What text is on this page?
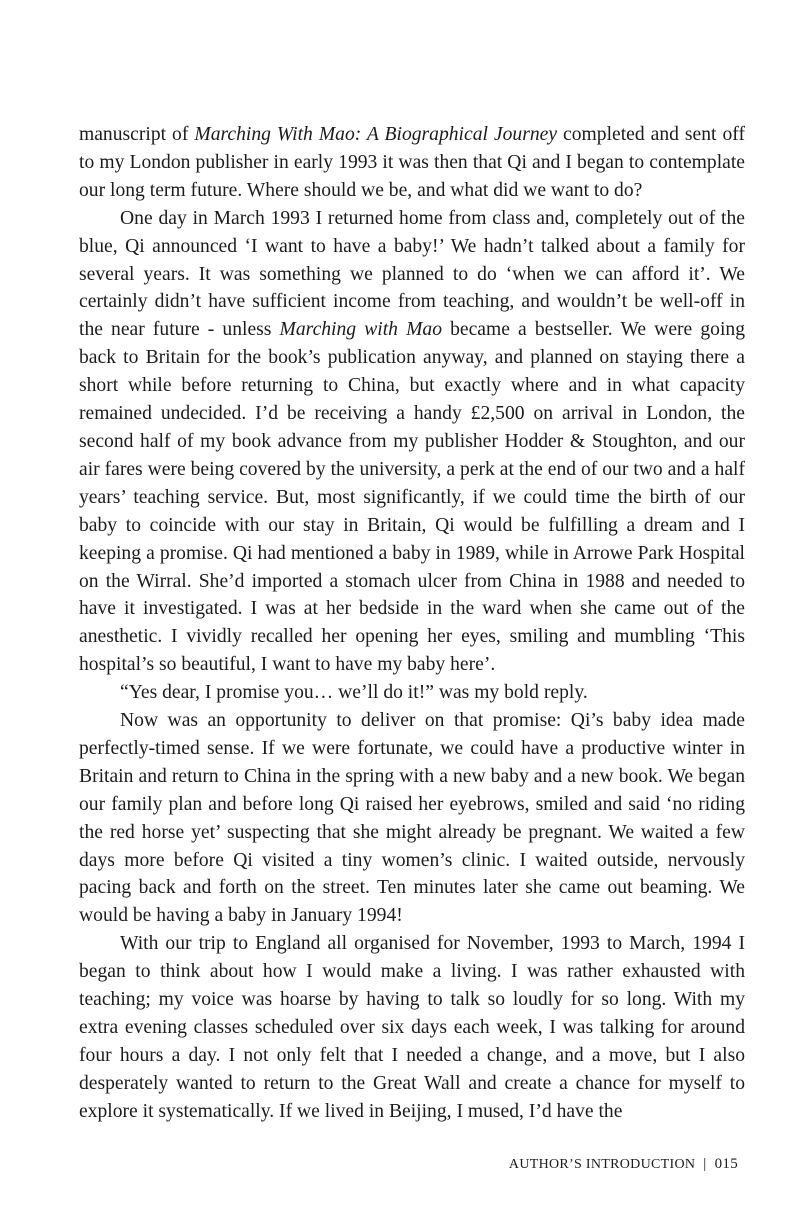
manuscript of Marching With Mao: A Biographical Journey completed and sent off to my London publisher in early 1993 it was then that Qi and I began to contemplate our long term future. Where should we be, and what did we want to do?

One day in March 1993 I returned home from class and, completely out of the blue, Qi announced ‘I want to have a baby!’ We hadn’t talked about a family for several years. It was something we planned to do ‘when we can afford it’. We certainly didn’t have sufficient income from teaching, and wouldn’t be well-off in the near future - unless Marching with Mao became a bestseller. We were going back to Britain for the book’s publication anyway, and planned on staying there a short while before returning to China, but exactly where and in what capacity remained undecided. I’d be receiving a handy £2,500 on arrival in London, the second half of my book advance from my publisher Hodder & Stoughton, and our air fares were being covered by the university, a perk at the end of our two and a half years’ teaching service. But, most significantly, if we could time the birth of our baby to coincide with our stay in Britain, Qi would be fulfilling a dream and I keeping a promise. Qi had mentioned a baby in 1989, while in Arrowe Park Hospital on the Wirral. She’d imported a stomach ulcer from China in 1988 and needed to have it investigated. I was at her bedside in the ward when she came out of the anesthetic. I vividly recalled her opening her eyes, smiling and mumbling ‘This hospital’s so beautiful, I want to have my baby here’.

“Yes dear, I promise you… we’ll do it!” was my bold reply.

Now was an opportunity to deliver on that promise: Qi’s baby idea made perfectly-timed sense. If we were fortunate, we could have a productive winter in Britain and return to China in the spring with a new baby and a new book. We began our family plan and before long Qi raised her eyebrows, smiled and said ‘no riding the red horse yet’ suspecting that she might already be pregnant. We waited a few days more before Qi visited a tiny women’s clinic. I waited outside, nervously pacing back and forth on the street. Ten minutes later she came out beaming. We would be having a baby in January 1994!

With our trip to England all organised for November, 1993 to March, 1994 I began to think about how I would make a living. I was rather exhausted with teaching; my voice was hoarse by having to talk so loudly for so long. With my extra evening classes scheduled over six days each week, I was talking for around four hours a day. I not only felt that I needed a change, and a move, but I also desperately wanted to return to the Great Wall and create a chance for myself to explore it systematically. If we lived in Beijing, I mused, I’d have the

AUTHOR’S INTRODUCTION | 015
